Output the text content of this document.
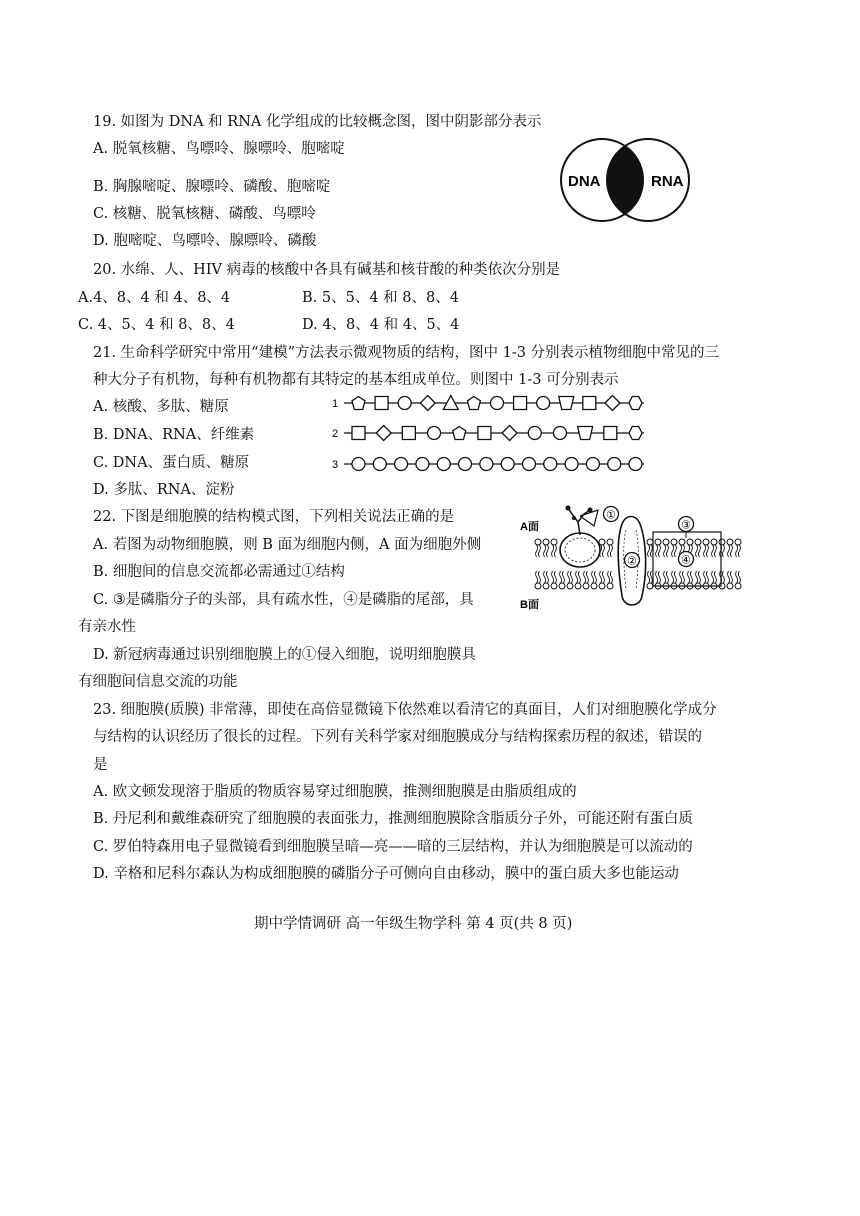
19. 如图为 DNA 和 RNA 化学组成的比较概念图，图中阴影部分表示
A. 脱氧核糖、鸟嘌呤、腺嘌呤、胞嘧啶
B. 胸腺嘧啶、腺嘌呤、磷酸、胞嘧啶
C. 核糖、脱氧核糖、磷酸、鸟嘌呤
D. 胞嘧啶、鸟嘌呤、腺嘌呤、磷酸
DNA	RNA
20. 水绵、人、HIV 病毒的核酸中各具有碱基和核苷酸的种类依次分别是
A.4、8、4 和 4、8、4	B. 5、5、4 和 8、8、4
C. 4、5、4 和 8、8、4	D. 4、8、4 和 4、5、4
21. 生命科学研究中常用“建模”方法表示微观物质的结构，图中 1-3 分别表示植物细胞中常见的三
种大分子有机物，每种有机物都有其特定的基本组成单位。则图中 1-3 可分别表示
A. 核酸、多肽、糖原
B. DNA、RNA、纤维素
C. DNA、蛋白质、糖原
D. 多肽、RNA、淀粉
1
2
3
22. 下图是细胞膜的结构模式图，下列相关说法正确的是
A. 若图为动物细胞膜，则 B 面为细胞内侧，A 面为细胞外侧
B. 细胞间的信息交流都必需通过①结构
C. ③是磷脂分子的头部，具有疏水性，④是磷脂的尾部，具
有亲水性
D. 新冠病毒通过识别细胞膜上的①侵入细胞，说明细胞膜具
有细胞间信息交流的功能
①
②
③
④
A面
B面
23. 细胞膜(质膜) 非常薄，即使在高倍显微镜下依然难以看清它的真面目，人们对细胞膜化学成分
与结构的认识经历了很长的过程。下列有关科学家对细胞膜成分与结构探索历程的叙述，错误的
是
A. 欧文顿发现溶于脂质的物质容易穿过细胞膜，推测细胞膜是由脂质组成的
B. 丹尼利和戴维森研究了细胞膜的表面张力，推测细胞膜除含脂质分子外，可能还附有蛋白质
C. 罗伯特森用电子显微镜看到细胞膜呈暗—亮——暗的三层结构，并认为细胞膜是可以流动的
D. 辛格和尼科尔森认为构成细胞膜的磷脂分子可侧向自由移动，膜中的蛋白质大多也能运动
期中学情调研 高一年级生物学科 第 4 页(共 8 页)
